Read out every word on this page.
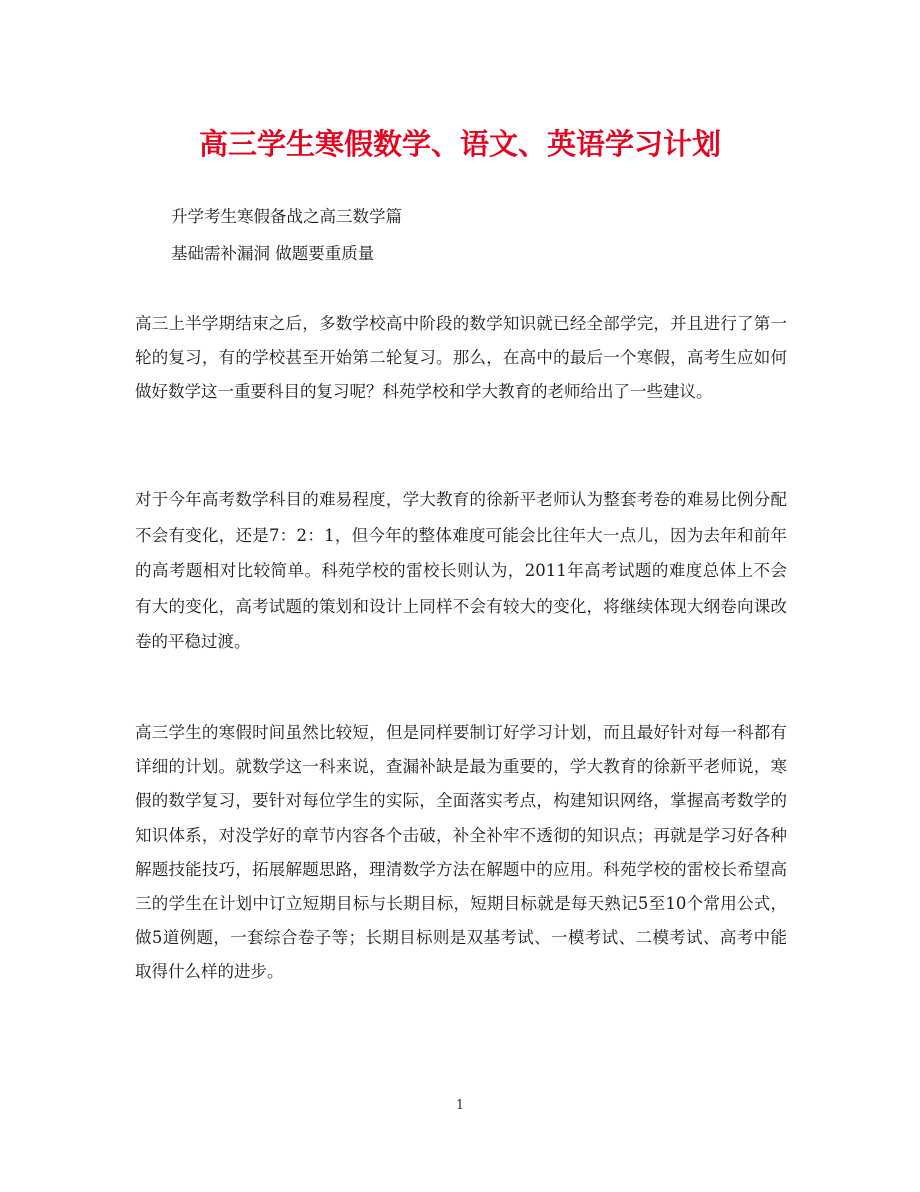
高三学生寒假数学、语文、英语学习计划
升学考生寒假备战之高三数学篇
基础需补漏洞 做题要重质量
高三上半学期结束之后，多数学校高中阶段的数学知识就已经全部学完，并且进行了第一轮的复习，有的学校甚至开始第二轮复习。那么，在高中的最后一个寒假，高考生应如何做好数学这一重要科目的复习呢？科苑学校和学大教育的老师给出了一些建议。
对于今年高考数学科目的难易程度，学大教育的徐新平老师认为整套考卷的难易比例分配不会有变化，还是7：2：1，但今年的整体难度可能会比往年大一点儿，因为去年和前年的高考题相对比较简单。科苑学校的雷校长则认为，2011年高考试题的难度总体上不会有大的变化，高考试题的策划和设计上同样不会有较大的变化，将继续体现大纲卷向课改卷的平稳过渡。
高三学生的寒假时间虽然比较短，但是同样要制订好学习计划，而且最好针对每一科都有详细的计划。就数学这一科来说，查漏补缺是最为重要的，学大教育的徐新平老师说，寒假的数学复习，要针对每位学生的实际，全面落实考点，构建知识网络，掌握高考数学的知识体系，对没学好的章节内容各个击破，补全补牢不透彻的知识点；再就是学习好各种解题技能技巧，拓展解题思路，理清数学方法在解题中的应用。科苑学校的雷校长希望高三的学生在计划中订立短期目标与长期目标，短期目标就是每天熟记5至10个常用公式，做5道例题，一套综合卷子等；长期目标则是双基考试、一模考试、二模考试、高考中能取得什么样的进步。
1
